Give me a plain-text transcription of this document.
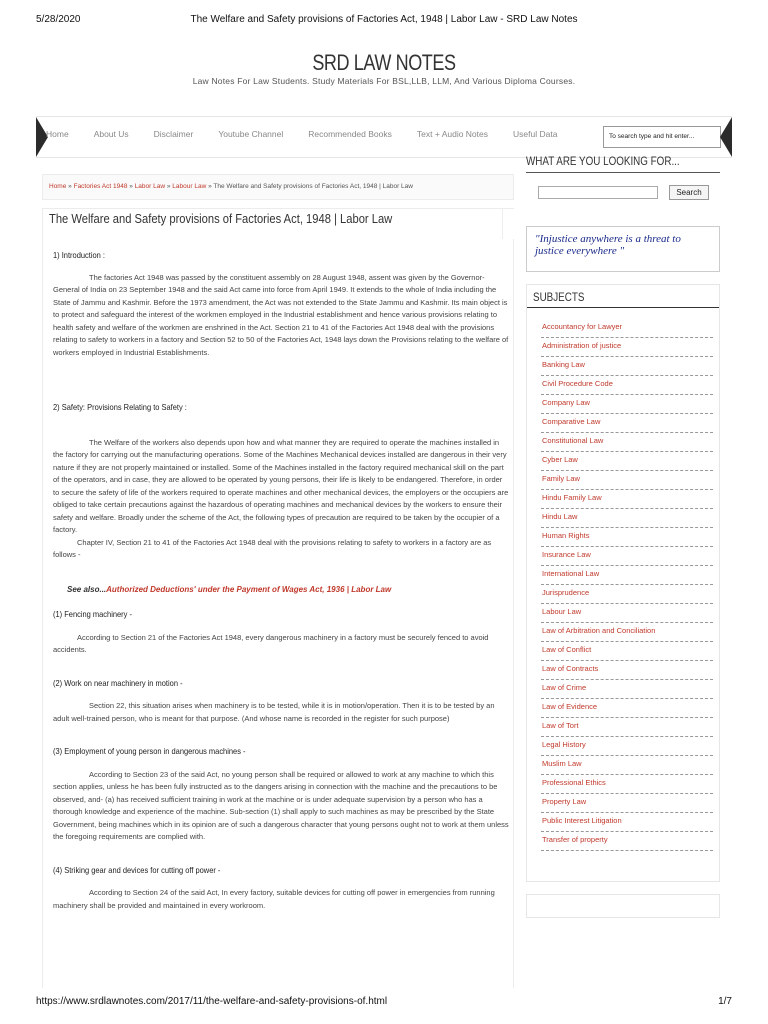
5/28/2020	The Welfare and Safety provisions of Factories Act, 1948 | Labor Law - SRD Law Notes
SRD LAW NOTES
Law Notes For Law Students. Study Materials For BSL,LLB, LLM, And Various Diploma Courses.
Home	About Us	Disclaimer	Youtube Channel	Recommended Books	Text + Audio Notes	Useful Data	To search type and hit enter...
Home » Factories Act 1948 » Labor Law » Labour Law » The Welfare and Safety provisions of Factories Act, 1948 | Labor Law
The Welfare and Safety provisions of Factories Act, 1948 | Labor Law
1) Introduction :

The factories Act 1948 was passed by the constituent assembly on 28 August 1948, assent was given by the Governor-General of India on 23 September 1948 and the said Act came into force from April 1949. It extends to the whole of India including the State of Jammu and Kashmir. Before the 1973 amendment, the Act was not extended to the State Jammu and Kashmir. Its main object is to protect and safeguard the interest of the workmen employed in the Industrial establishment and hence various provisions relating to health safety and welfare of the workmen are enshrined in the Act. Section 21 to 41 of the Factories Act 1948 deal with the provisions relating to safety to workers in a factory and Section 52 to 50 of the Factories Act, 1948 lays down the Provisions relating to the welfare of workers employed in Industrial Establishments.

2) Safety: Provisions Relating to Safety :

The Welfare of the workers also depends upon how and what manner they are required to operate the machines installed in the factory for carrying out the manufacturing operations. Some of the Machines Mechanical devices installed are dangerous in their very nature if they are not properly maintained or installed. Some of the Machines installed in the factory required mechanical skill on the part of the operators, and in case, they are allowed to be operated by young persons, their life is likely to be endangered. Therefore, in order to secure the safety of life of the workers required to operate machines and other mechanical devices, the employers or the occupiers are obliged to take certain precautions against the hazardous of operating machines and mechanical devices by the workers to ensure their safety and welfare. Broadly under the scheme of the Act, the following types of precaution are required to be taken by the occupier of a factory.

Chapter IV, Section 21 to 41 of the Factories Act 1948 deal with the provisions relating to safety to workers in a factory are as follows -

See also...Authorized Deductions' under the Payment of Wages Act, 1936 | Labor Law

(1) Fencing machinery -

According to Section 21 of the Factories Act 1948, every dangerous machinery in a factory must be securely fenced to avoid accidents.

(2) Work on near machinery in motion -

Section 22, this situation arises when machinery is to be tested, while it is in motion/operation. Then it is to be tested by an adult well-trained person, who is meant for that purpose. (And whose name is recorded in the register for such purpose)

(3) Employment of young person in dangerous machines -

According to Section 23 of the said Act, no young person shall be required or allowed to work at any machine to which this section applies, unless he has been fully instructed as to the dangers arising in connection with the machine and the precautions to be observed, and- (a) has received sufficient training in work at the machine or is under adequate supervision by a person who has a thorough knowledge and experience of the machine. Sub-section (1) shall apply to such machines as may be prescribed by the State Government, being machines which in its opinion are of such a dangerous character that young persons ought not to work at them unless the foregoing requirements are complied with.

(4) Striking gear and devices for cutting off power -

According to Section 24 of the said Act, In every factory, suitable devices for cutting off power in emergencies from running machinery shall be provided and maintained in every workroom.

WHAT ARE YOU LOOKING FOR...
Search
"Injustice anywhere is a threat to justice everywhere "
SUBJECTS
Accountancy for Lawyer
Administration of justice
Banking Law
Civil Procedure Code
Company Law
Comparative Law
Constitutional Law
Cyber Law
Family Law
Hindu Family Law
Hindu Law
Human Rights
Insurance Law
International Law
Jurisprudence
Labour Law
Law of Arbitration and Conciliation
Law of Conflict
Law of Contracts
Law of Crime
Law of Evidence
Law of Tort
Legal History
Muslim Law
Professional Ethics
Property Law
Public Interest Litigation
Transfer of property
https://www.srdlawnotes.com/2017/11/the-welfare-and-safety-provisions-of.html	1/7
